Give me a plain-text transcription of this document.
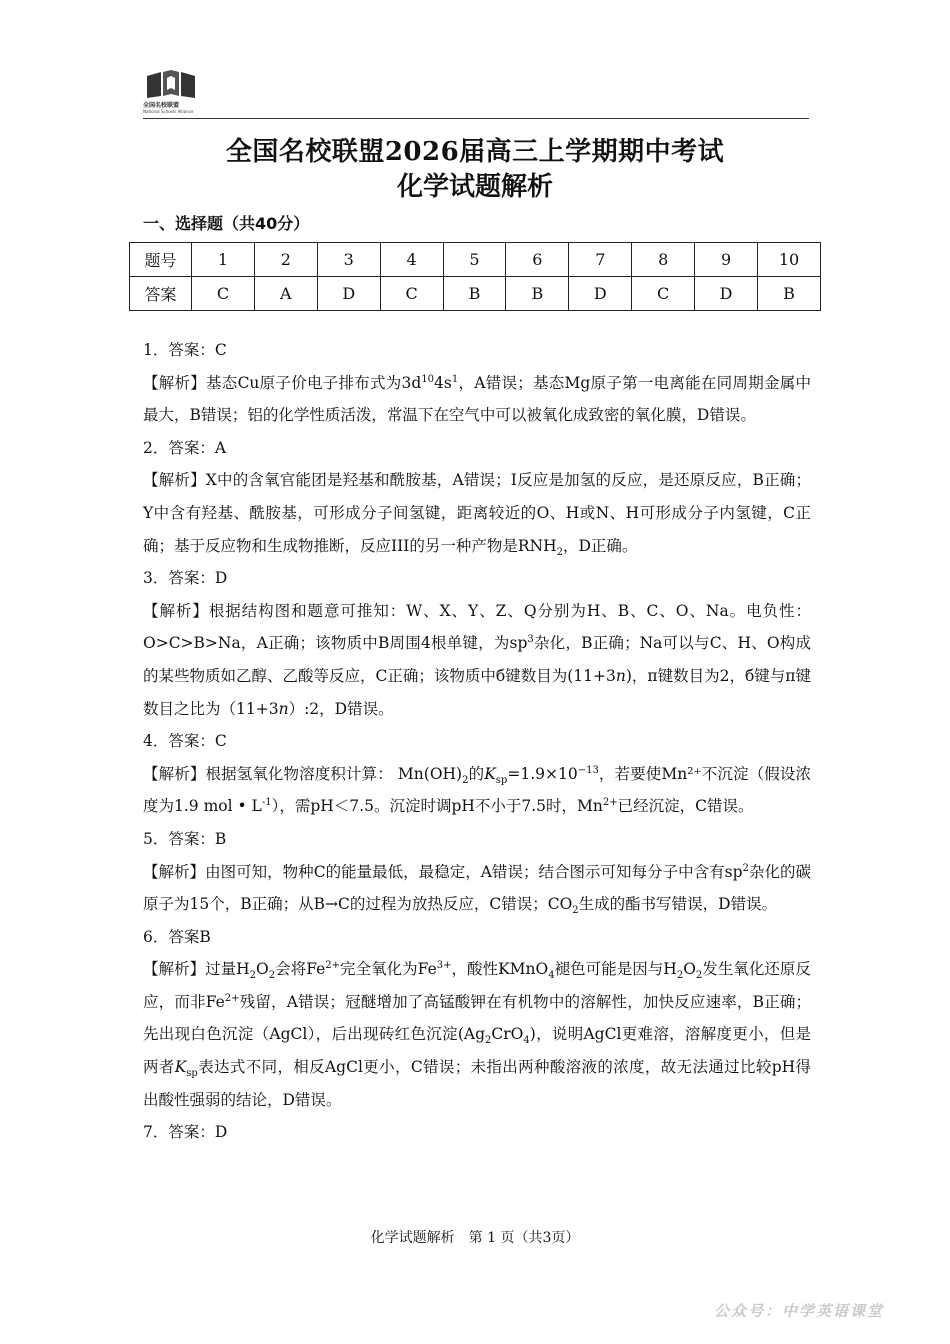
全国名校联盟
National Schools Alliance
全国名校联盟2026届高三上学期期中考试
化学试题解析
一、选择题（共40分）
题号	1	2	3	4	5	6	7	8	9	10
答案	C	A	D	C	B	B	D	C	D	B

1．答案：C

【解析】基态Cu原子价电子排布式为$3d^{10}4s^1$，A错误；基态Mg原子第一电离能在同周期金属中最大，B错误；铝的化学性质活泼，常温下在空气中可以被氧化成致密的氧化膜，D错误。

2．答案：A

【解析】X中的含氧官能团是羟基和酰胺基，A错误；I反应是加氢的反应，是还原反应，B正确；Y中含有羟基、酰胺基，可形成分子间氢键，距离较近的O、H或N、H可形成分子内氢键，C正确；基于反应物和生成物推断，反应III的另一种产物是$RNH_2$，D正确。

3．答案：D

【解析】根据结构图和题意可推知：W、X、Y、Z、Q分别为H、B、C、O、Na。电负性：O>C>B>Na，A正确；该物质中B周围4根单键，为$sp^3$杂化，B正确；Na可以与C、H、O构成的某些物质如乙醇、乙酸等反应，C正确；该物质中б键数目为(11+3n)，π键数目为2，б键与π键数目之比为（11+3n）:2，D错误。

4．答案：C

【解析】根据氢氧化物溶度积计算： $Mn(OH)_2$的$K_{sp}=1.9\times 10^{-13}$，若要使Mn²⁺不沉淀（假设浓度为1.9 mol • $L^{-1}$），需pH＜7.5。沉淀时调pH不小于7.5时，$Mn^{2+}$已经沉淀，C错误。

5．答案：B

【解析】由图可知，物种C的能量最低，最稳定，A错误；结合图示可知每分子中含有$sp^2$杂化的碳原子为15个，B正确；从B→C的过程为放热反应，C错误；$CO_2$生成的酯书写错误，D错误。

6．答案B

【解析】过量$H_2O_2$会将$Fe^{2+}$完全氧化为$Fe^{3+}$，酸性KMnO$_4$褪色可能是因与$H_2O_2$发生氧化还原反应，而非$Fe^{2+}$残留，A错误；冠醚增加了高锰酸钾在有机物中的溶解性，加快反应速率，B正确；先出现白色沉淀（AgCl），后出现砖红色沉淀$(Ag_2CrO_4)$，说明AgCl更难溶，溶解度更小，但是两者$K_{sp}$表达式不同，相反AgCl更小，C错误；未指出两种酸溶液的浓度，故无法通过比较pH得出酸性强弱的结论，D错误。

7．答案：D

化学试题解析　第 1 页（共3页）
公众号：中学英语课堂
